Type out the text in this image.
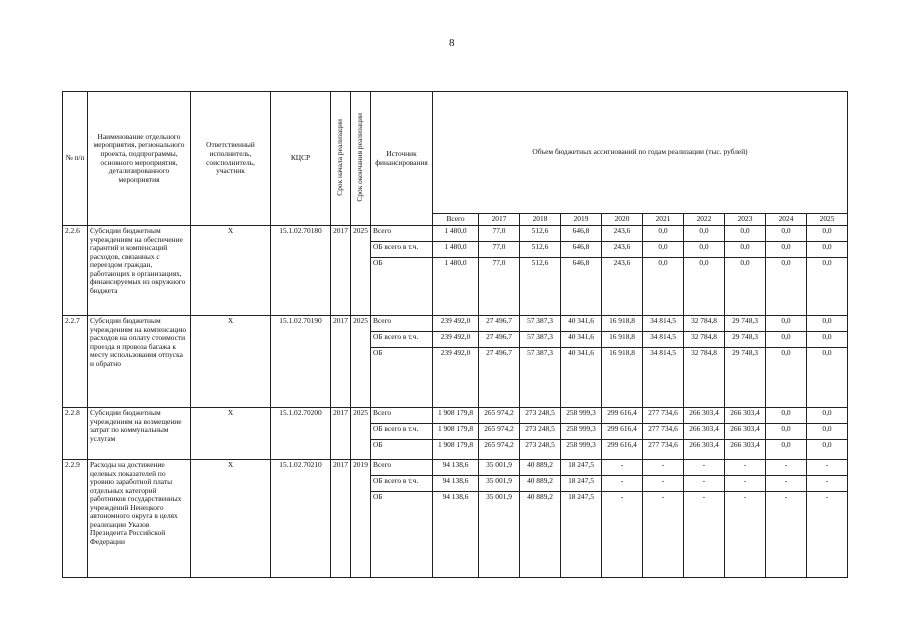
8
№ п/п	Наименование отдельного мероприятия, регионального проекта, подпрограммы, основного мероприятия, детализированного мероприятия	Ответственный исполнитель, соисполнитель, участник	КЦСР	Срок начала реализации	Срок окончания реализации	Источник финансирования	Объем бюджетных ассигнований по годам реализации (тыс. рублей)									
							Всего	2017	2018	2019	2020	2021	2022	2023	2024	2025
2.2.6	Субсидии бюджетным учреждениям на обеспечение гарантий и компенсаций расходов, связанных с переездом граждан, работающих в организациях, финансируемых из окружного бюджета	X	15.1.02.70180	2017	2025	Всего	1 480,0	77,0	512,6	646,8	243,6	0,0	0,0	0,0	0,0	0,0
						ОБ всего в т.ч.	1 480,0	77,0	512,6	646,8	243,6	0,0	0,0	0,0	0,0	0,0
						ОБ	1 480,0	77,0	512,6	646,8	243,6	0,0	0,0	0,0	0,0	0,0
2.2.7	Субсидии бюджетным учреждениям на компенсацию расходов на оплату стоимости проезда и провоза багажа к месту использования отпуска и обратно	X	15.1.02.70190	2017	2025	Всего	239 492,0	27 496,7	57 387,3	40 341,6	16 918,8	34 814,5	32 784,8	29 748,3	0,0	0,0
						ОБ всего в т.ч.	239 492,0	27 496,7	57 387,3	40 341,6	16 918,8	34 814,5	32 784,8	29 748,3	0,0	0,0
						ОБ	239 492,0	27 496,7	57 387,3	40 341,6	16 918,8	34 814,5	32 784,8	29 748,3	0,0	0,0
2.2.8	Субсидии бюджетным учреждениям на возмещение затрат по коммунальным услугам	X	15.1.02.70200	2017	2025	Всего	1 908 179,8	265 974,2	273 248,5	258 999,3	299 616,4	277 734,6	266 303,4	266 303,4	0,0	0,0
						ОБ всего в т.ч.	1 908 179,8	265 974,2	273 248,5	258 999,3	299 616,4	277 734,6	266 303,4	266 303,4	0,0	0,0
						ОБ	1 908 179,8	265 974,2	273 248,5	258 999,3	299 616,4	277 734,6	266 303,4	266 303,4	0,0	0,0
2.2.9	Расходы на достижение целевых показателей по уровню заработной платы отдельных категорий работников государственных учреждений Ненецкого автономного округа в целях реализации Указов Президента Российской Федерации	X	15.1.02.70210	2017	2019	Всего	94 138,6	35 001,9	40 889,2	18 247,5	-	-	-	-	-	-
						ОБ всего в т.ч.	94 138,6	35 001,9	40 889,2	18 247,5	-	-	-	-	-	-
						ОБ	94 138,6	35 001,9	40 889,2	18 247,5	-	-	-	-	-	-
